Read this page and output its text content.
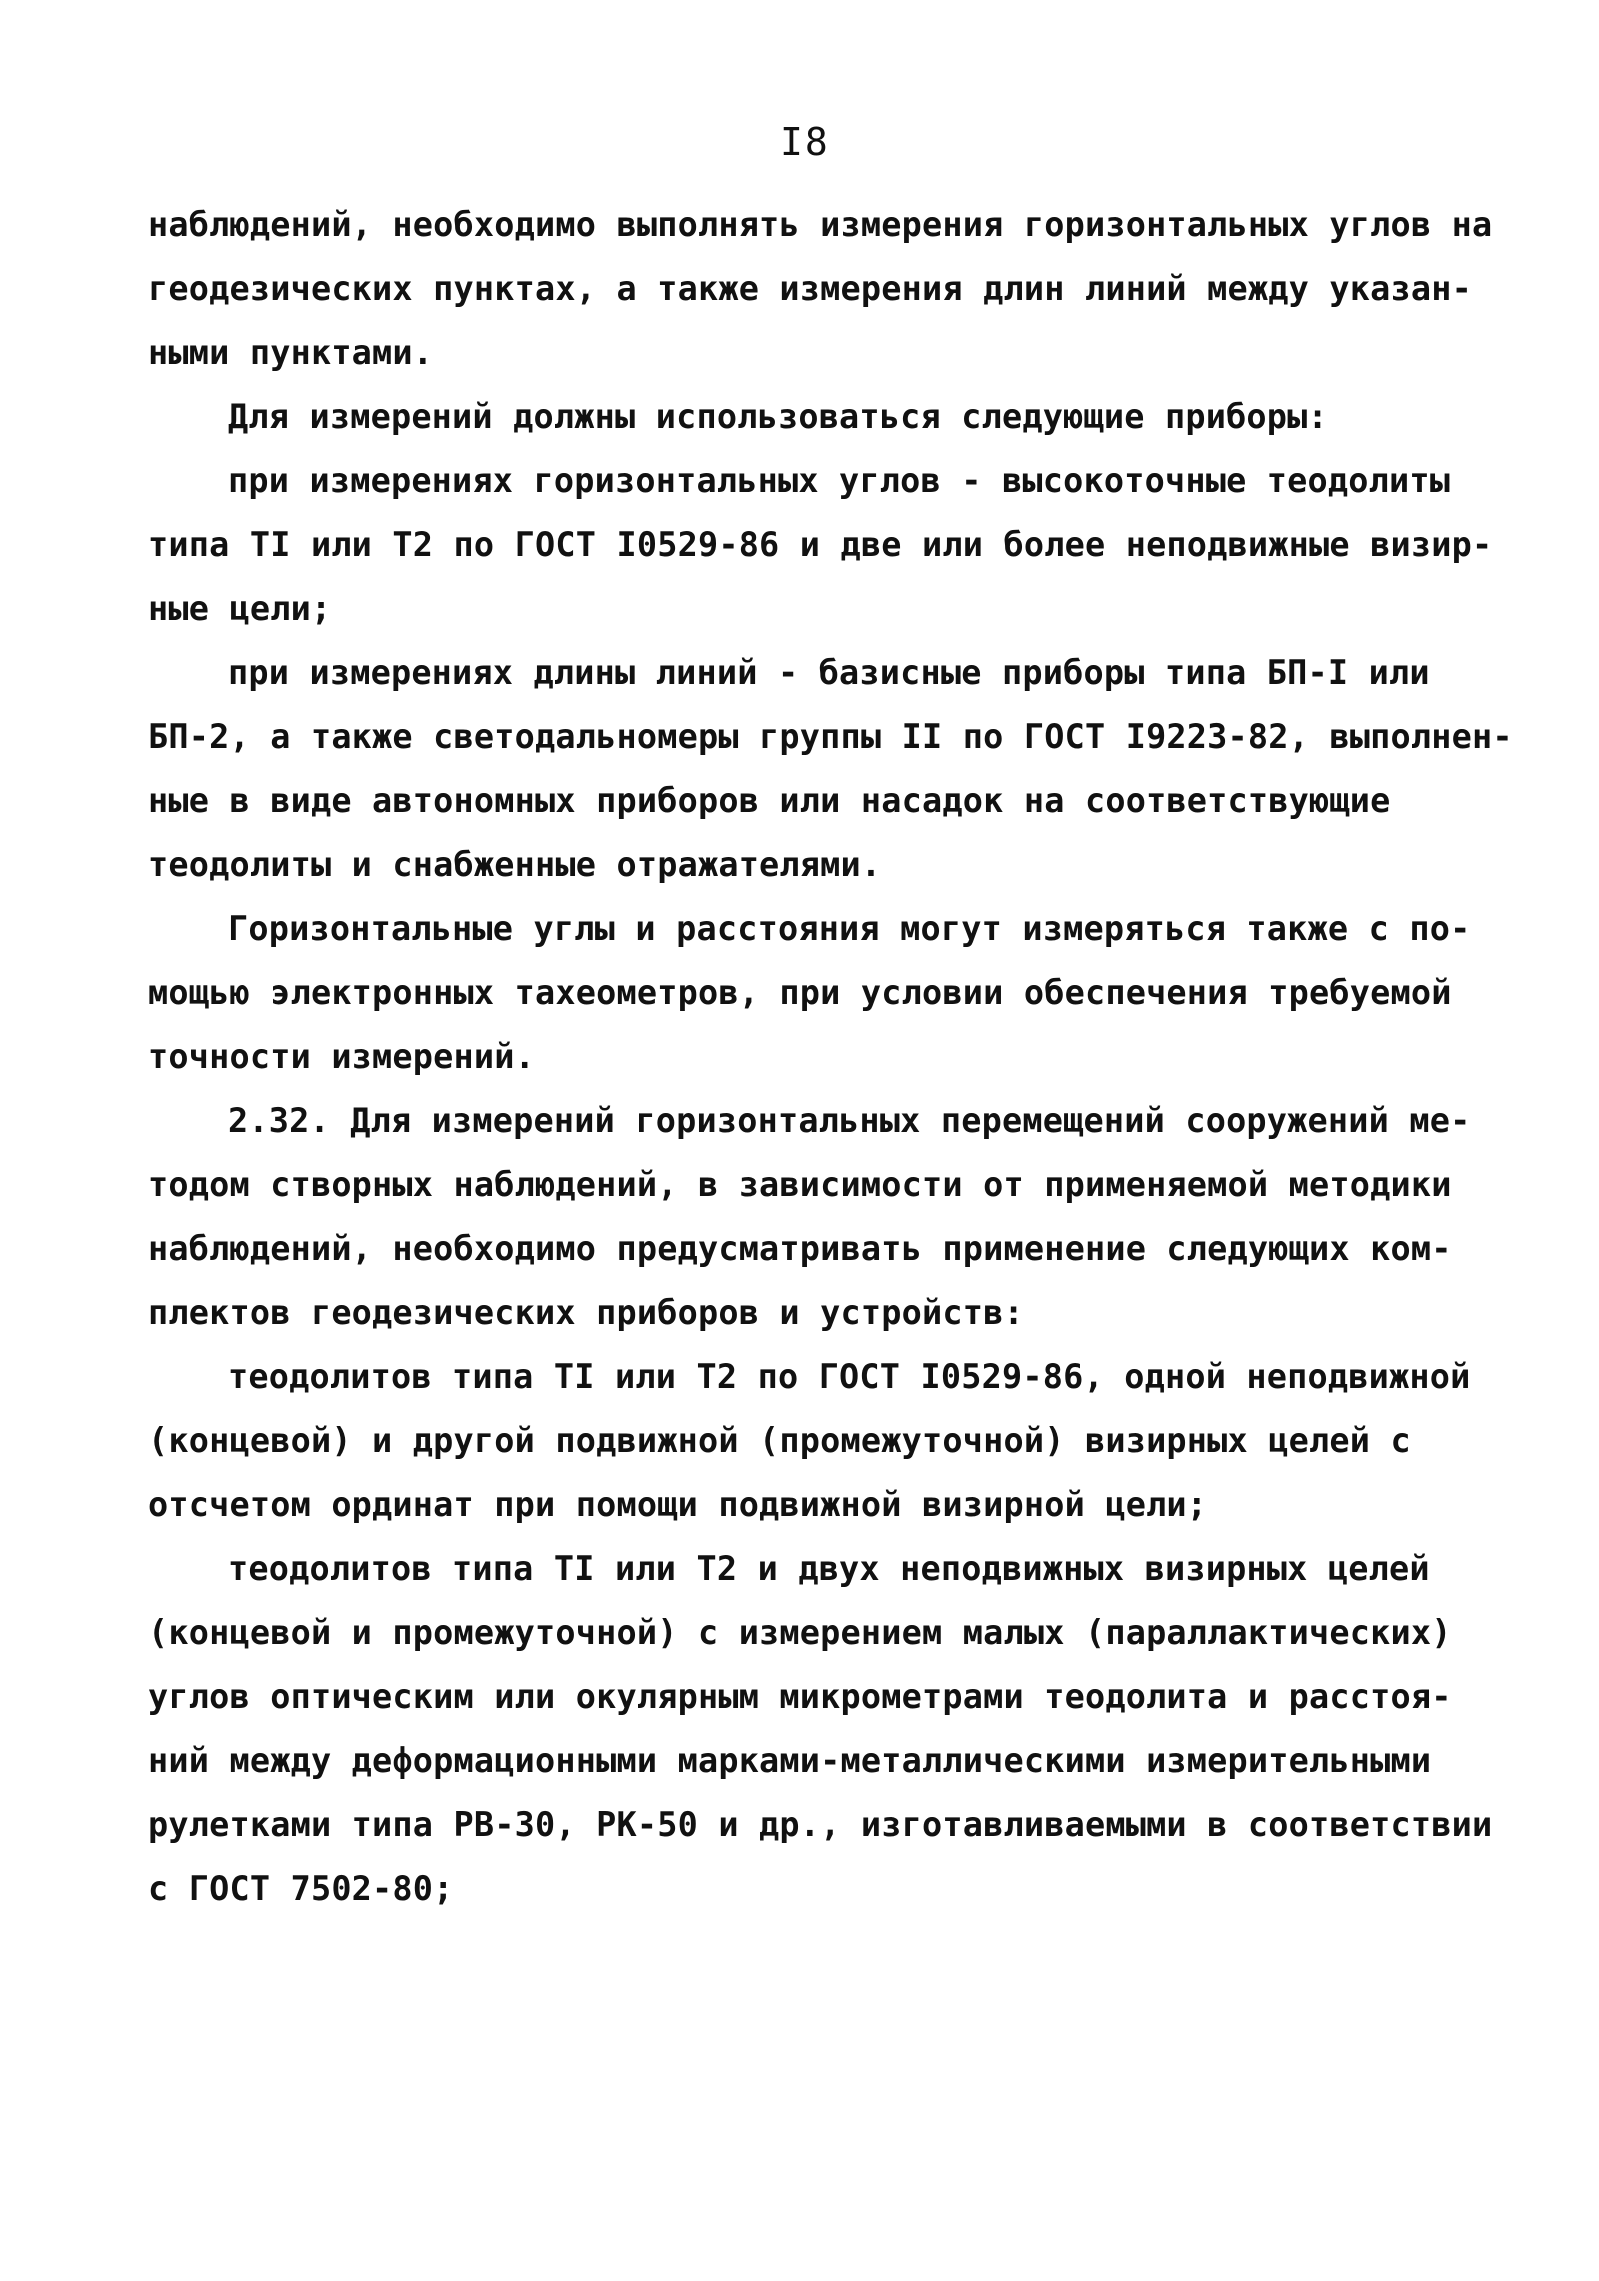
I8
наблюдений, необходимо выполнять измерения горизонтальных углов на
геодезических пунктах, а также измерения длин линий между указан-
ными пунктами.
Для измерений должны использоваться следующие приборы:
при измерениях горизонтальных углов - высокоточные теодолиты
типа TI или T2 по ГОСТ I0529-86 и две или более неподвижные визир-
ные цели;
при измерениях длины линий - базисные приборы типа БП-I или
БП-2, а также светодальномеры группы II по ГОСТ I9223-82, выполнен-
ные в виде автономных приборов или насадок на соответствующие
теодолиты и снабженные отражателями.
Горизонтальные углы и расстояния могут измеряться также с по-
мощью электронных тахеометров, при условии обеспечения требуемой
точности измерений.
2.32. Для измерений горизонтальных перемещений сооружений ме-
тодом створных наблюдений, в зависимости от применяемой методики
наблюдений, необходимо предусматривать применение следующих ком-
плектов геодезических приборов и устройств:
теодолитов типа TI или T2 по ГОСТ I0529-86, одной неподвижной
(концевой) и другой подвижной (промежуточной) визирных целей с
отсчетом ординат при помощи подвижной визирной цели;
теодолитов типа TI или T2 и двух неподвижных визирных целей
(концевой и промежуточной) с измерением малых (параллактических)
углов оптическим или окулярным микрометрами теодолита и расстоя-
ний между деформационными марками-металлическими измерительными
рулетками типа PB-30, PK-50 и др., изготавливаемыми в соответствии
с ГОСТ 7502-80;
